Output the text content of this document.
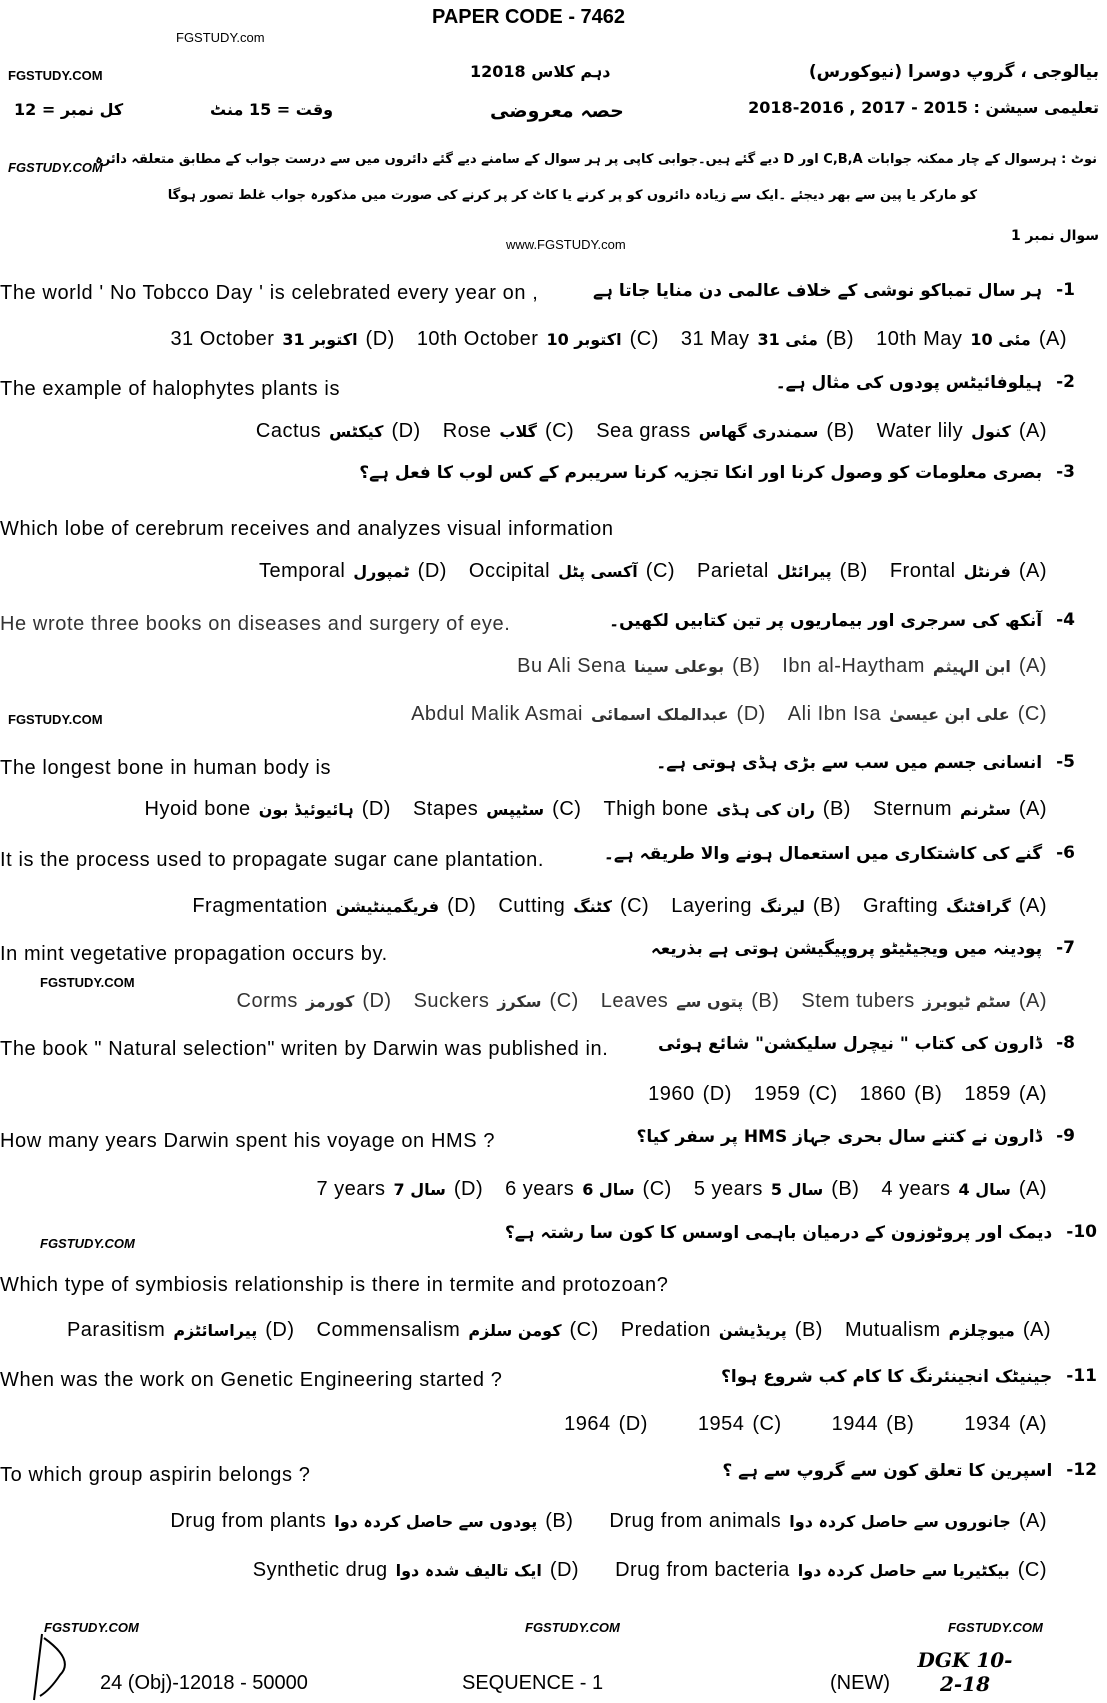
PAPER CODE - 7462
FGSTUDY.com
بیالوجی ، گروپ دوسرا (نیوکورس)
دہم کلاس 12018
FGSTUDY.COM
تعلیمی سیشن : 2015 - 2017 , 2016-2018
حصہ معروضی
وقت = 15 منٹ
کل نمبر = 12
FGSTUDY.COM
نوٹ : ہرسوال کے چار ممکنہ جوابات C,B,A اور D دیے گئے ہیں۔جوابی کاپی پر ہر سوال کے سامنے دیے گئے دائروں میں سے درست جواب کے مطابق متعلقہ دائرہ
کو مارکر یا پین سے بھر دیجئے ۔ایک سے زیادہ دائروں کو پر کرنے یا کاٹ کر پر کرنے کی صورت میں مذکورہ جواب غلط تصور ہوگا
سوال نمبر 1
www.FGSTUDY.com
1-
ہر سال تمباکو نوشی کے خلاف عالمی دن منایا جاتا ہے
The world ' No Tobcco Day ' is celebrated every year on ,
10th May 10 مئی (A)
31 May 31 مئی (B)
10th October 10 اکتوبر (C)
31 October 31 اکتوبر (D)
2-
ہیلوفائیٹس پودوں کی مثال ہے۔
The example of halophytes plants is
Water lily کنول (A)
Sea grass سمندری گھاس (B)
Rose گلاب (C)
Cactus کیکٹس (D)
3-
بصری معلومات کو وصول کرنا اور انکا تجزیہ کرنا سریبرم کے کس لوب کا فعل ہے؟
Which lobe of cerebrum receives and analyzes visual information
Frontal فرنٹل (A)
Parietal پیرائٹل (B)
Occipital آکسی پٹل (C)
Temporal ٹمپورل (D)
4-
آنکھ کی سرجری اور بیماریوں پر تین کتابیں لکھیں۔
He wrote three books on diseases and surgery of eye.
Ibn al-Haytham ابن الہیثم (A)
Bu Ali Sena بوعلی سینا (B)
Ali Ibn Isa علی ابن عیسیٰ (C)
Abdul Malik Asmai عبدالملک اسمائی (D)
FGSTUDY.COM
5-
انسانی جسم میں سب سے بڑی ہڈی ہوتی ہے۔
The longest bone in human body is
Sternum سٹرنم (A)
Thigh bone ران کی ہڈی (B)
Stapes سٹیپس (C)
Hyoid bone ہائیوئیڈ بون (D)
6-
گنے کی کاشتکاری میں استعمال ہونے والا طریقہ ہے۔
It is the process used to propagate sugar cane plantation.
Grafting گرافٹنگ (A)
Layering لیرنگ (B)
Cutting کٹنگ (C)
Fragmentation فریگمینٹیشن (D)
7-
پودینہ میں ویجیٹیٹو پروپیگیشن ہوتی ہے بذریعہ
In mint vegetative propagation occurs by.
FGSTUDY.COM
Stem tubers سٹم ٹیوبرز (A)
Leaves پتوں سے (B)
Suckers سکرز (C)
Corms کورمز (D)
8-
ڈارون کی کتاب " نیچرل سلیکشن" شائع ہوئی
The book " Natural selection" writen by Darwin was published in.
1859 (A)
1860 (B)
1959 (C)
1960 (D)
9-
ڈارون نے کتنے سال بحری جہاز HMS پر سفر کیا؟
How many years Darwin spent his voyage on HMS ?
4 years 4 سال (A)
5 years 5 سال (B)
6 years 6 سال (C)
7 years 7 سال (D)
FGSTUDY.COM
10-
دیمک اور پروٹوزون کے درمیان باہمی اوسس کا کون سا رشتہ ہے؟
Which type of symbiosis relationship is there in termite and protozoan?
Mutualism میوچلزم (A)
Predation پریڈیشن (B)
Commensalism کومن سلزم (C)
Parasitism پیراسائٹزم (D)
11-
جینیٹک انجینئرنگ کا کام کب شروع ہوا؟
When was the work on Genetic Engineering started ?
1934 (A)
1944 (B)
1954 (C)
1964 (D)
12-
اسپرین کا تعلق کون سے گروپ سے ہے ؟
To which group aspirin belongs ?
Drug from animals جانوروں سے حاصل کردہ دوا (A)
Drug from plants پودوں سے حاصل کردہ دوا (B)
Drug from bacteria بیکٹیریا سے حاصل کردہ دوا (C)
Synthetic drug ایک تالیف شدہ دوا (D)
FGSTUDY.COM	FGSTUDY.COM	FGSTUDY.COM
24 (Obj)-12018 - 50000	SEQUENCE - 1	(NEW)
DGK 10-2-18
